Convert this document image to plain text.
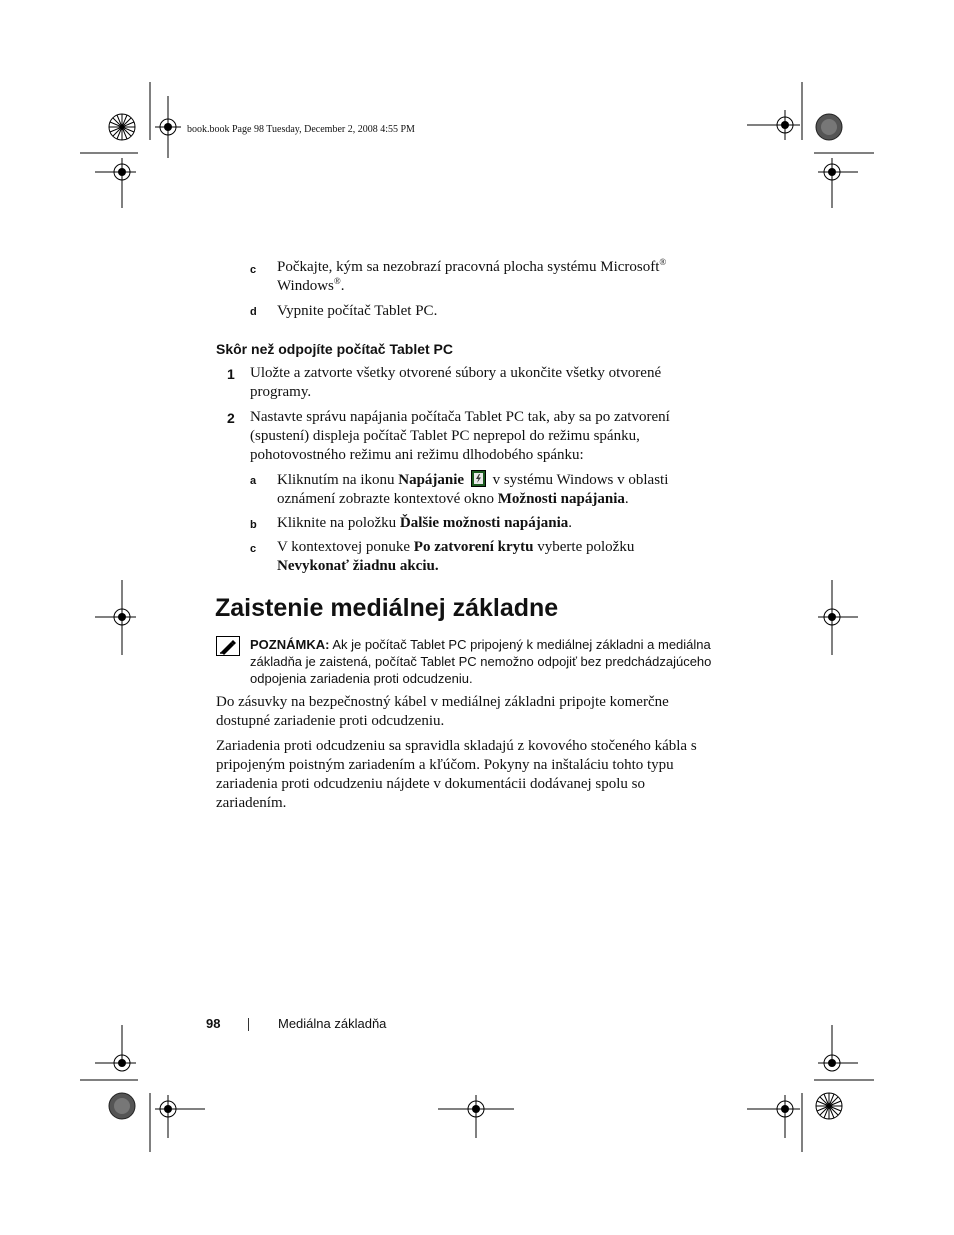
book.book Page 98 Tuesday, December 2, 2008 4:55 PM
c Počkajte, kým sa nezobrazí pracovná plocha systému Microsoft®
Windows®.
d Vypnite počítač Tablet PC.
Skôr než odpojíte počítač Tablet PC
1 Uložte a zatvorte všetky otvorené súbory a ukončite všetky otvorené
programy.
2 Nastavte správu napájania počítača Tablet PC tak, aby sa po zatvorení
(spustení) displeja počítač Tablet PC neprepol do režimu spánku,
pohotovostného režimu ani režimu dlhodobého spánku:
a Kliknutím na ikonu Napájanie  v systému Windows v oblasti
oznámení zobrazte kontextové okno Možnosti napájania.
b Kliknite na položku Ďalšie možnosti napájania.
c V kontextovej ponuke Po zatvorení krytu vyberte položku
Nevykonať žiadnu akciu.
Zaistenie mediálnej základne
POZNÁMKA: Ak je počítač Tablet PC pripojený k mediálnej základni a mediálna základňa je zaistená, počítač Tablet PC nemožno odpojiť bez predchádzajúceho odpojenia zariadenia proti odcudzeniu.
Do zásuvky na bezpečnostný kábel v mediálnej základni pripojte komerčne
dostupné zariadenie proti odcudzeniu.
Zariadenia proti odcudzeniu sa spravidla skladajú z kovového stočeného kábla s
pripojeným poistným zariadením a kľúčom. Pokyny na inštaláciu tohto typu
zariadenia proti odcudzeniu nájdete v dokumentácii dodávanej spolu so
zariadením.
98	Mediálna základňa
